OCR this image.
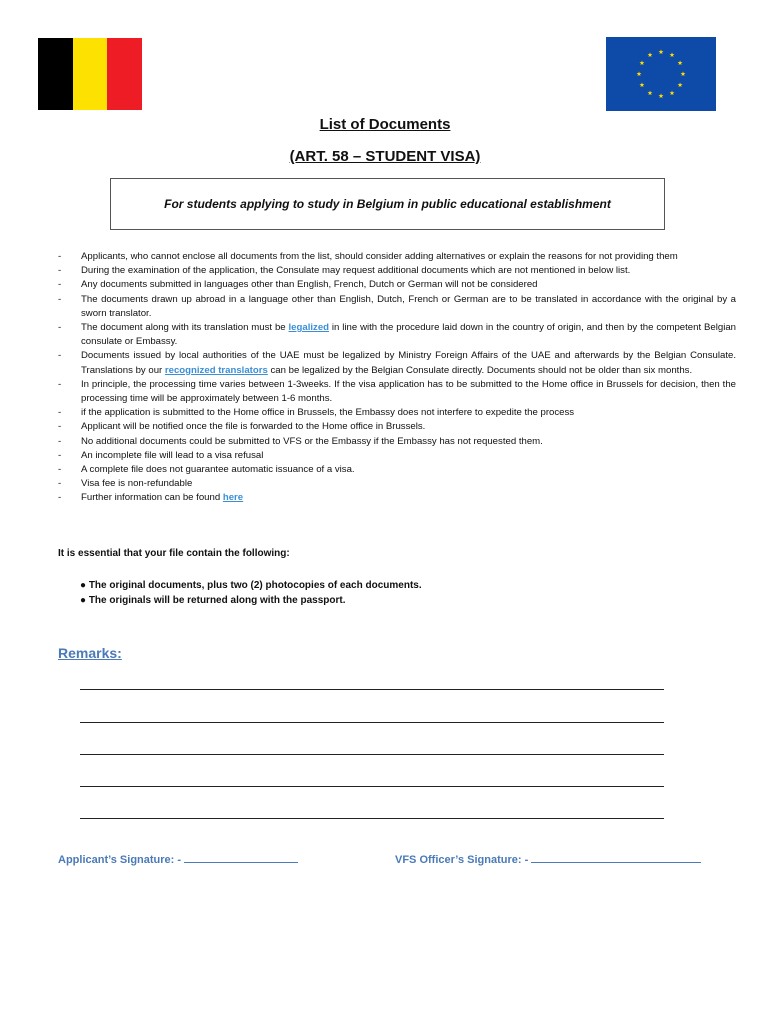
List of Documents
(ART. 58 – STUDENT VISA)
For students applying to study in Belgium in public educational establishment
- Applicants, who cannot enclose all documents from the list, should consider adding alternatives or explain the reasons for not providing them
- During the examination of the application, the Consulate may request additional documents which are not mentioned in below list.
- Any documents submitted in languages other than English, French, Dutch or German will not be considered
- The documents drawn up abroad in a language other than English, Dutch, French or German are to be translated in accordance with the original by a sworn translator.
- The document along with its translation must be legalized in line with the procedure laid down in the country of origin, and then by the competent Belgian consulate or Embassy.
- Documents issued by local authorities of the UAE must be legalized by Ministry Foreign Affairs of the UAE and afterwards by the Belgian Consulate. Translations by our recognized translators can be legalized by the Belgian Consulate directly. Documents should not be older than six months.
- In principle, the processing time varies between 1-3weeks. If the visa application has to be submitted to the Home office in Brussels for decision, then the processing time will be approximately between 1-6 months.
- if the application is submitted to the Home office in Brussels, the Embassy does not interfere to expedite the process
- Applicant will be notified once the file is forwarded to the Home office in Brussels.
- No additional documents could be submitted to VFS or the Embassy if the Embassy has not requested them.
- An incomplete file will lead to a visa refusal
- A complete file does not guarantee automatic issuance of a visa.
- Visa fee is non-refundable
- Further information can be found here
It is essential that your file contain the following:
● The original documents, plus two (2) photocopies of each documents.
● The originals will be returned along with the passport.
Remarks:
Applicant’s Signature: -	VFS Officer’s Signature: -
